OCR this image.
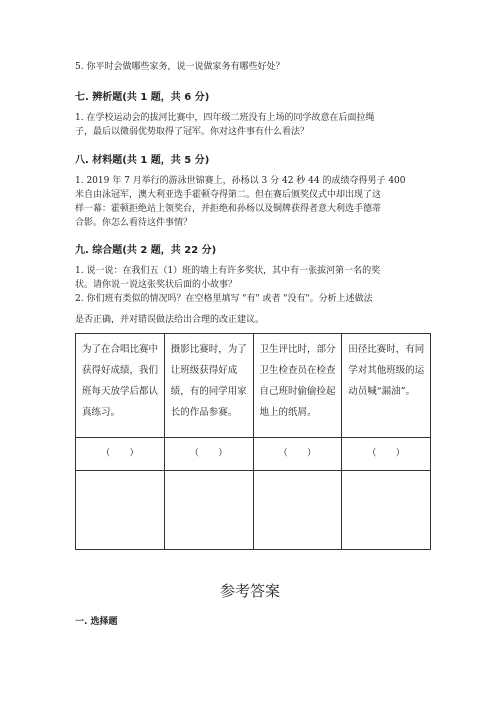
5. 你平时会做哪些家务，说一说做家务有哪些好处？
七. 辨析题(共 1 题，共 6 分)
1. 在学校运动会的拔河比赛中，四年级二班没有上场的同学故意在后面拉绳
子，最后以微弱优势取得了冠军。你对这件事有什么看法？
八. 材料题(共 1 题，共 5 分)
1. 2019 年 7 月举行的游泳世锦赛上，孙杨以 3 分 42 秒 44 的成绩夺得男子 400
米自由泳冠军，澳大利亚选手霍顿夺得第二。但在赛后颁奖仪式中却出现了这
样一幕：霍顿拒绝站上领奖台，并拒绝和孙杨以及铜牌获得者意大利选手德蒂
合影。你怎么看待这件事情？
九. 综合题(共 2 题，共 22 分)
1. 说一说：在我们五（1）班的墙上有许多奖状，其中有一张拔河第一名的奖
状。请你说一说这张奖状后面的小故事？
2. 你们班有类似的情况吗？在空格里填写 "有" 或者 "没有"。分析上述做法
是否正确，并对错误做法给出合理的改正建议。
为了在合唱比赛中获得好成绩，我们班每天放学后都认真练习。	摄影比赛时，为了让班级获得好成绩，有的同学用家长的作品参赛。	卫生评比时，部分卫生检查员在检查自己班时偷偷捡起地上的纸屑。	田径比赛时，有同学对其他班级的运动员喊“漏油”。

（　　）	（　　）	（　　）	（　　）

参考答案
一. 选择题
